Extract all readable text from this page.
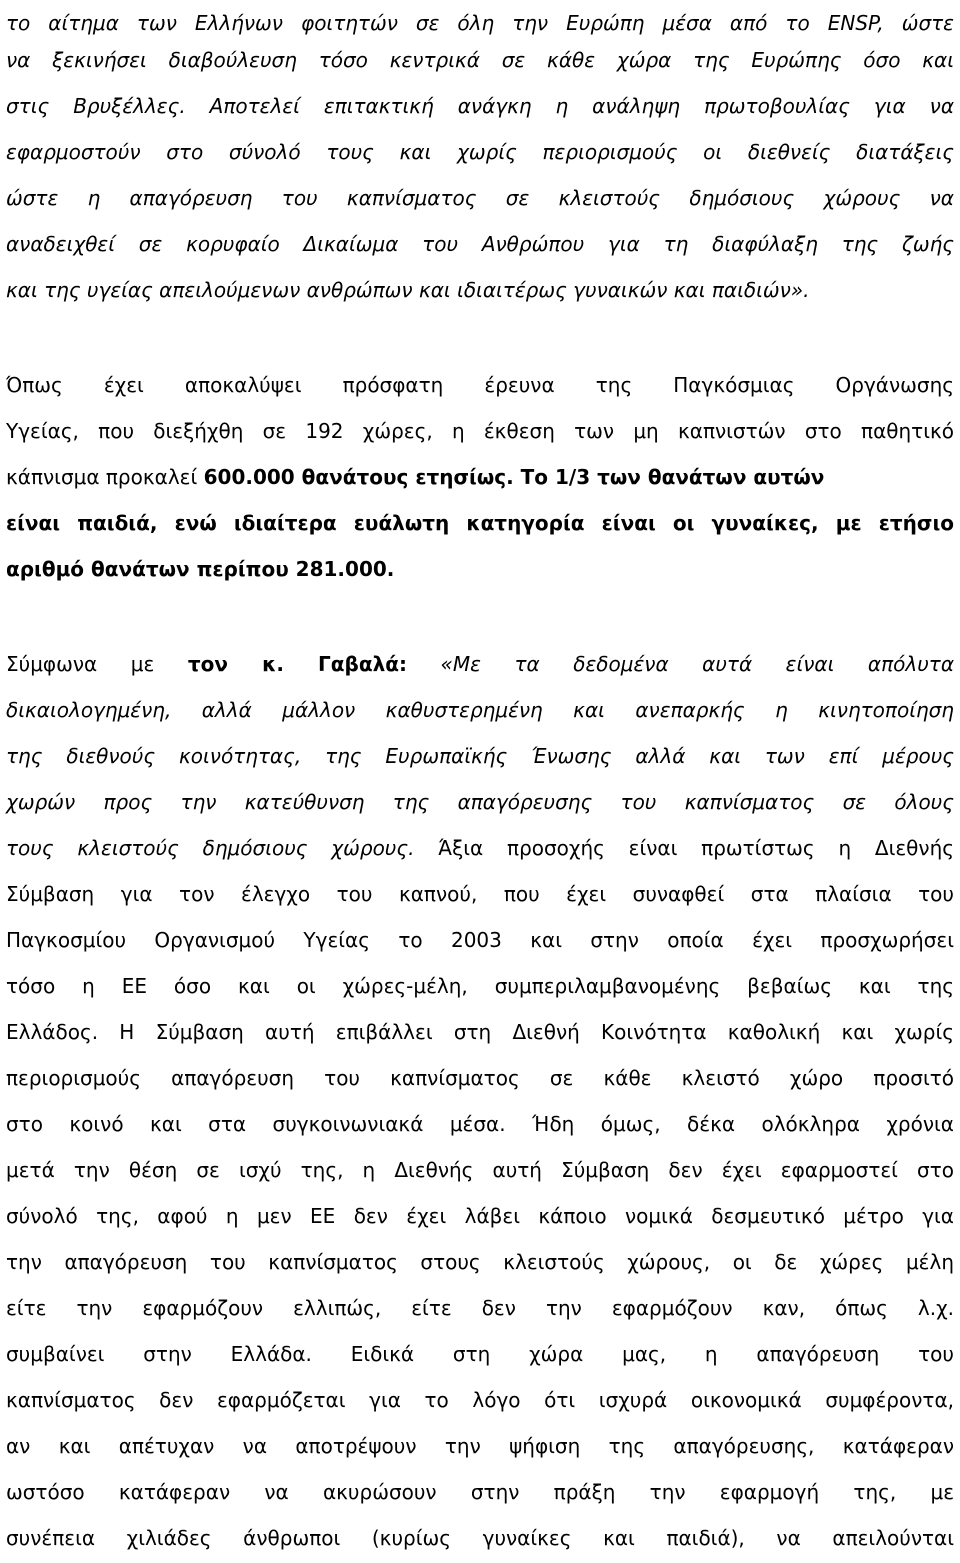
το αίτημα των Ελλήνων φοιτητών σε όλη την Ευρώπη μέσα από το ENSP, ώστε
να ξεκινήσει διαβούλευση τόσο κεντρικά σε κάθε χώρα της Ευρώπης όσο και
στις Βρυξέλλες. Αποτελεί επιτακτική ανάγκη η ανάληψη πρωτοβουλίας για να
εφαρμοστούν στο σύνολό τους και χωρίς περιορισμούς οι διεθνείς διατάξεις
ώστε η απαγόρευση του καπνίσματος σε κλειστούς δημόσιους χώρους να
αναδειχθεί σε κορυφαίο Δικαίωμα του Ανθρώπου για τη διαφύλαξη της ζωής
και της υγείας απειλούμενων ανθρώπων και ιδιαιτέρως γυναικών και παιδιών».
Όπως έχει αποκαλύψει πρόσφατη έρευνα της Παγκόσμιας Οργάνωσης
Υγείας, που διεξήχθη σε 192 χώρες, η έκθεση των μη καπνιστών στο παθητικό
κάπνισμα προκαλεί 600.000 θανάτους ετησίως. Το 1/3 των θανάτων αυτών
είναι παιδιά, ενώ ιδιαίτερα ευάλωτη κατηγορία είναι οι γυναίκες, με ετήσιο
αριθμό θανάτων περίπου 281.000.
Σύμφωνα με τον κ. Γαβαλά: «Με τα δεδομένα αυτά είναι απόλυτα
δικαιολογημένη, αλλά μάλλον καθυστερημένη και ανεπαρκής η κινητοποίηση
της διεθνούς κοινότητας, της Ευρωπαϊκής Ένωσης αλλά και των επί μέρους
χωρών προς την κατεύθυνση της απαγόρευσης του καπνίσματος σε όλους
τους κλειστούς δημόσιους χώρους. Άξια προσοχής είναι πρωτίστως η Διεθνής
Σύμβαση για τον έλεγχο του καπνού, που έχει συναφθεί στα πλαίσια του
Παγκοσμίου Οργανισμού Υγείας το 2003 και στην οποία έχει προσχωρήσει
τόσο η ΕΕ όσο και οι χώρες-μέλη, συμπεριλαμβανομένης βεβαίως και της
Ελλάδος. Η Σύμβαση αυτή επιβάλλει στη Διεθνή Κοινότητα καθολική και χωρίς
περιορισμούς απαγόρευση του καπνίσματος σε κάθε κλειστό χώρο προσιτό
στο κοινό και στα συγκοινωνιακά μέσα. Ήδη όμως, δέκα ολόκληρα χρόνια
μετά την θέση σε ισχύ της, η Διεθνής αυτή Σύμβαση δεν έχει εφαρμοστεί στο
σύνολό της, αφού η μεν ΕΕ δεν έχει λάβει κάποιο νομικά δεσμευτικό μέτρο για
την απαγόρευση του καπνίσματος στους κλειστούς χώρους, οι δε χώρες μέλη
είτε την εφαρμόζουν ελλιπώς, είτε δεν την εφαρμόζουν καν, όπως λ.χ.
συμβαίνει στην Ελλάδα. Ειδικά στη χώρα μας, η απαγόρευση του
καπνίσματος δεν εφαρμόζεται για το λόγο ότι ισχυρά οικονομικά συμφέροντα,
αν και απέτυχαν να αποτρέψουν την ψήφιση της απαγόρευσης, κατάφεραν
ωστόσο κατάφεραν να ακυρώσουν στην πράξη την εφαρμογή της, με
συνέπεια χιλιάδες άνθρωποι (κυρίως γυναίκες και παιδιά), να απειλούνται
